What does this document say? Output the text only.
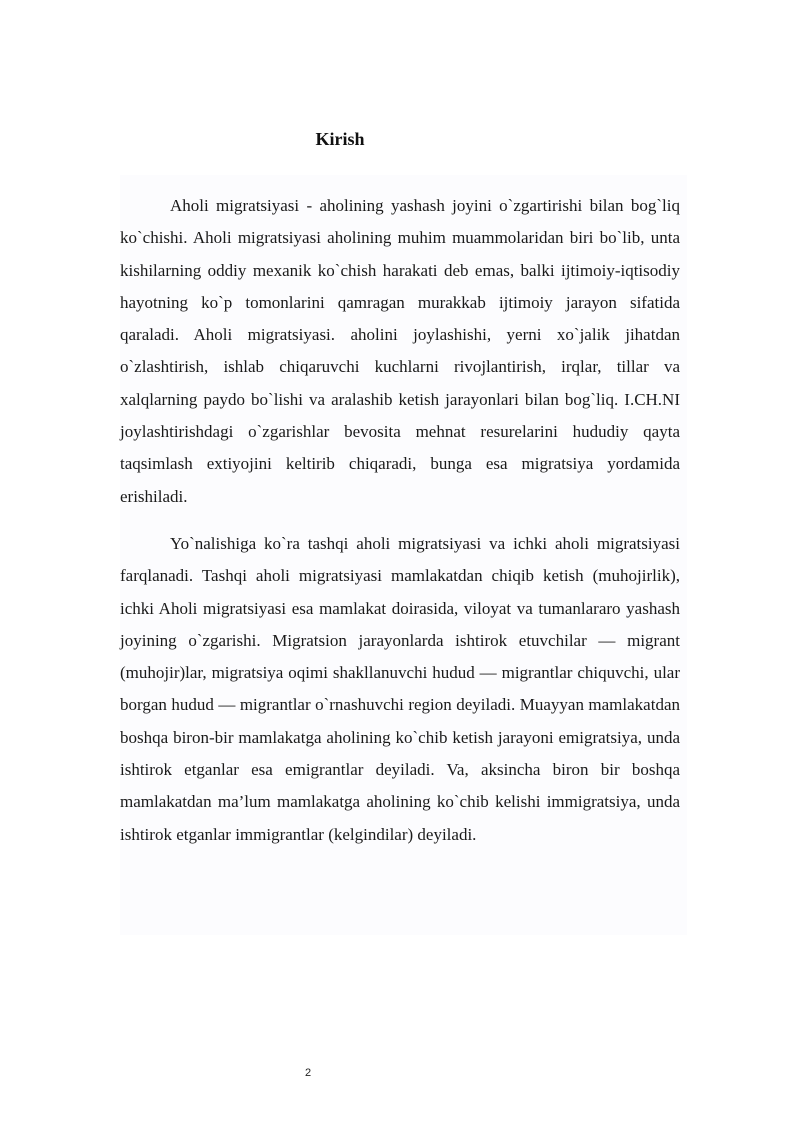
Kirish

Aholi migratsiyasi - aholining yashash joyini o`zgartirishi bilan bog`liq ko`chishi. Aholi migratsiyasi aholining muhim muammolaridan biri bo`lib, unta kishilarning oddiy mexanik ko`chish harakati deb emas, balki ijtimoiy-iqtisodiy hayotning ko`p tomonlarini qamragan murakkab ijtimoiy jarayon sifatida qaraladi. Aholi migratsiyasi. aholini joylashishi, yerni xo`jalik jihatdan o`zlashtirish, ishlab chiqaruvchi kuchlarni rivojlantirish, irqlar, tillar va xalqlarning paydo bo`lishi va aralashib ketish jarayonlari bilan bog`liq. I.CH.NI joylashtirishdagi o`zgarishlar bevosita mehnat resurelarini hududiy qayta taqsimlash extiyojini keltirib chiqaradi, bunga esa migratsiya yordamida erishiladi.

Yo`nalishiga ko`ra tashqi aholi migratsiyasi va ichki aholi migratsiyasi farqlanadi. Tashqi aholi migratsiyasi mamlakatdan chiqib ketish (muhojirlik), ichki Aholi migratsiyasi esa mamlakat doirasida, viloyat va tumanlararo yashash joyining o`zgarishi. Migratsion jarayonlarda ishtirok etuvchilar — migrant (muhojir)lar, migratsiya oqimi shakllanuvchi hudud — migrantlar chiquvchi, ular borgan hudud — migrantlar o`rnashuvchi region deyiladi. Muayyan mamlakatdan boshqa biron-bir mamlakatga aholining ko`chib ketish jarayoni emigratsiya, unda ishtirok etganlar esa emigrantlar deyiladi. Va, aksincha biron bir boshqa mamlakatdan ma’lum mamlakatga aholining ko`chib kelishi immigratsiya, unda ishtirok etganlar immigrantlar (kelgindilar) deyiladi.

2
